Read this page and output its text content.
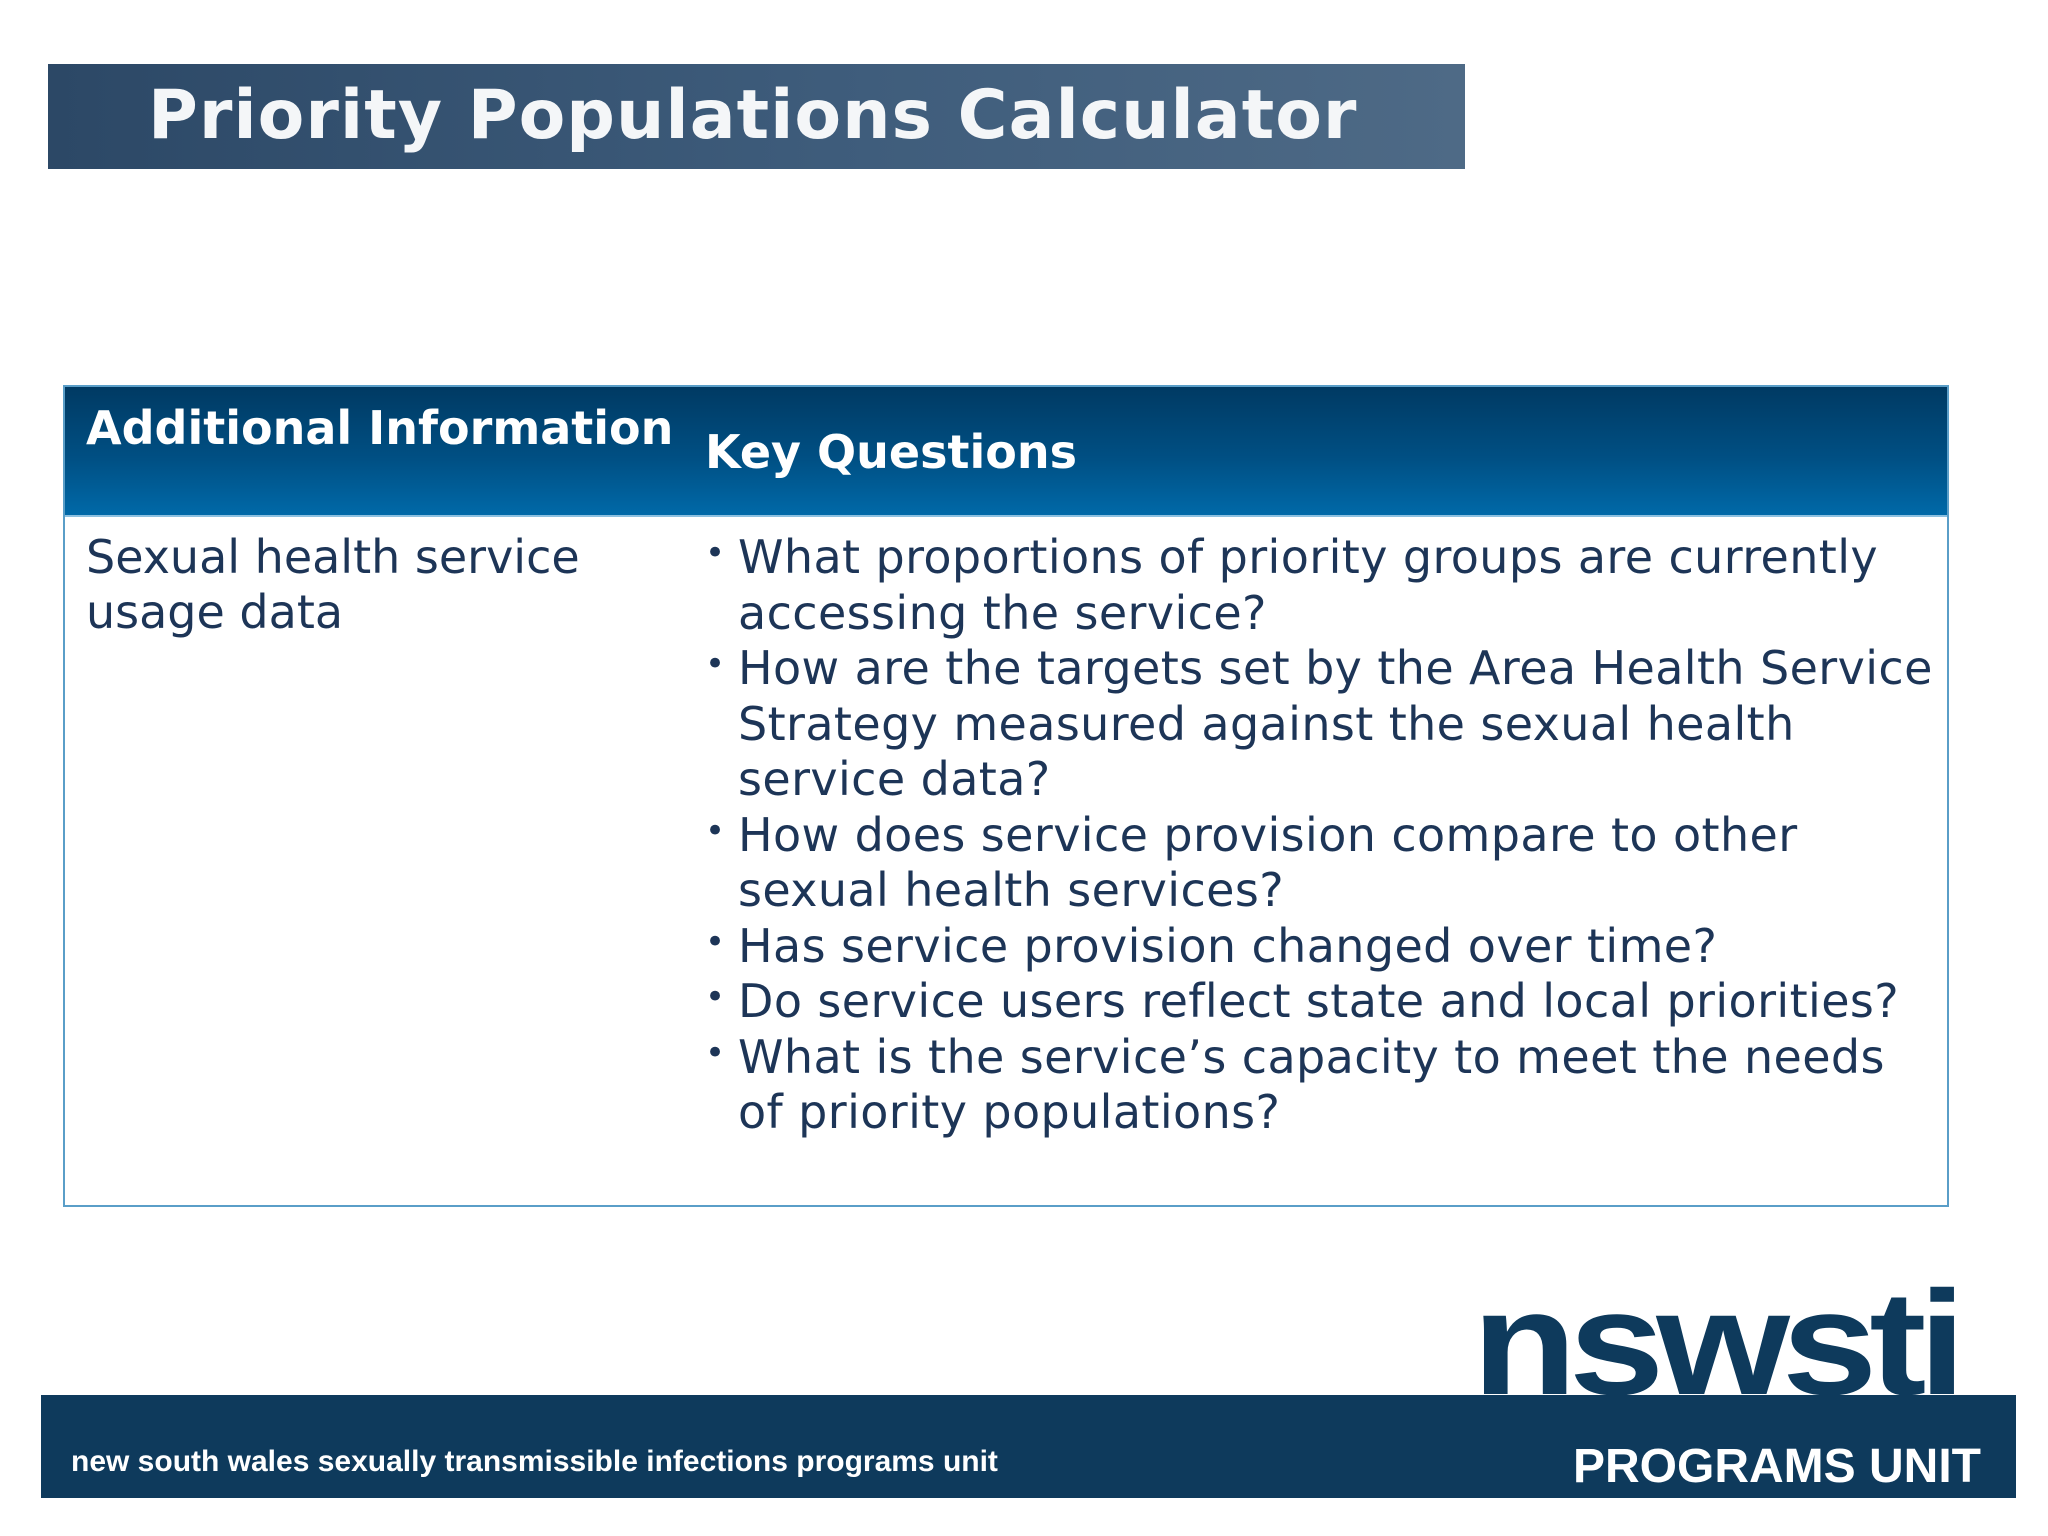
Priority Populations Calculator
Additional Information Key Questions
Sexual health service usage data
• What proportions of priority groups are currently accessing the service?
• How are the targets set by the Area Health Service Strategy measured against the sexual health service data?
• How does service provision compare to other sexual health services?
• Has service provision changed over time?
• Do service users reflect state and local priorities?
• What is the service’s capacity to meet the needs of priority populations?
new south wales sexually transmissible infections programs unit	PROGRAMS UNIT
nswsti
